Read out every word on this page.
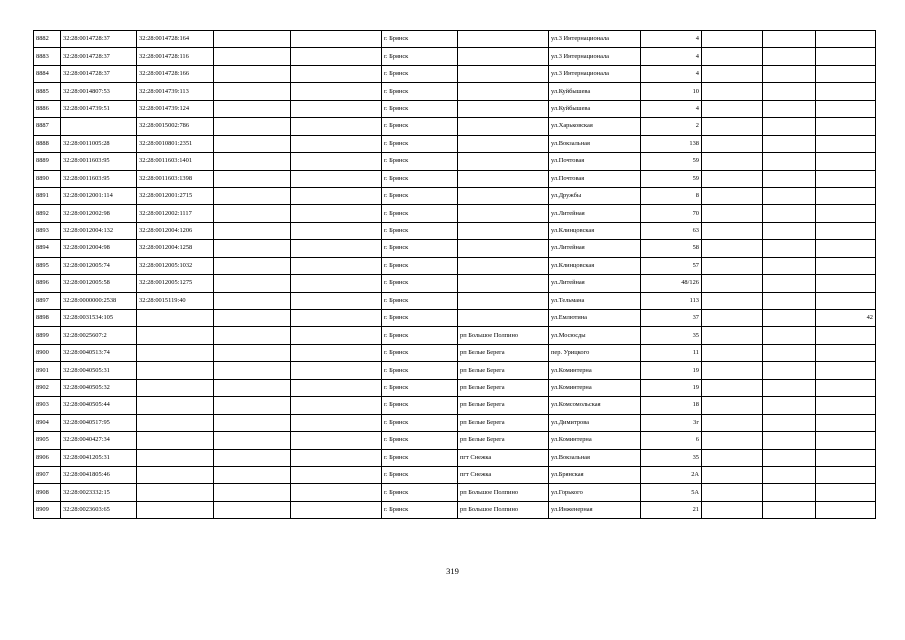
8882	32:28:0014728:37	32:28:0014728:164			г. Брянск		ул.3 Интернационала	4			
8883	32:28:0014728:37	32:28:0014728:116			г. Брянск		ул.3 Интернационала	4			
8884	32:28:0014728:37	32:28:0014728:166			г. Брянск		ул.3 Интернационала	4			
8885	32:28:0014807:53	32:28:0014739:113			г. Брянск		ул.Куйбышева	10			
8886	32:28:0014739:51	32:28:0014739:124			г. Брянск		ул.Куйбышева	4			
8887		32:28:0015002:786			г. Брянск		ул.Харьковская	2			
8888	32:28:0011005:28	32:28:0010801:2351			г. Брянск		ул.Вокзальная	138			
8889	32:28:0011603:95	32:28:0011603:1401			г. Брянск		ул.Почтовая	59			
8890	32:28:0011603:95	32:28:0011603:1398			г. Брянск		ул.Почтовая	59			
8891	32:28:0012001:114	32:28:0012001:2715			г. Брянск		ул.Дружбы	8			
8892	32:28:0012002:98	32:28:0012002:1117			г. Брянск		ул.Литейная	70			
8893	32:28:0012004:132	32:28:0012004:1206			г. Брянск		ул.Клинцовская	63			
8894	32:28:0012004:98	32:28:0012004:1258			г. Брянск		ул.Литейная	58			
8895	32:28:0012005:74	32:28:0012005:1032			г. Брянск		ул.Клинцовская	57			
8896	32:28:0012005:58	32:28:0012005:1275			г. Брянск		ул.Литейная	48/126			
8897	32:28:0000000:2538	32:28:0015119:40			г. Брянск		ул.Тельмана	113			
8898	32:28:0031534:105				г. Брянск		ул.Емлютина	37			42
8899	32:28:0025607:2				г. Брянск	рп Большое Полпино	ул.Мосюсды	35			
8900	32:28:0040513:74				г. Брянск	рп Белые Берега	пер. Урицкого	11			
8901	32:28:0040505:31				г. Брянск	рп Белые Берега	ул.Коминтерна	19			
8902	32:28:0040505:32				г. Брянск	рп Белые Берега	ул.Коминтерна	19			
8903	32:28:0040505:44				г. Брянск	рп Белые Берега	ул.Комсомольская	18			
8904	32:28:0040517:95				г. Брянск	рп Белые Берега	ул.Димитрова	3г			
8905	32:28:0040427:34				г. Брянск	рп Белые Берега	ул.Коминтерна	6			
8906	32:28:0041205:31				г. Брянск	пгт Снежка	ул.Вокзальная	35			
8907	32:28:0041805:46				г. Брянск	пгт Снежка	ул.Брянская	2А			
8908	32:28:0023332:15				г. Брянск	рп Большое Полпино	ул.Горького	5А			
8909	32:28:0023603:65				г. Брянск	рп Большое Полпино	ул.Инженерная	21			
319
